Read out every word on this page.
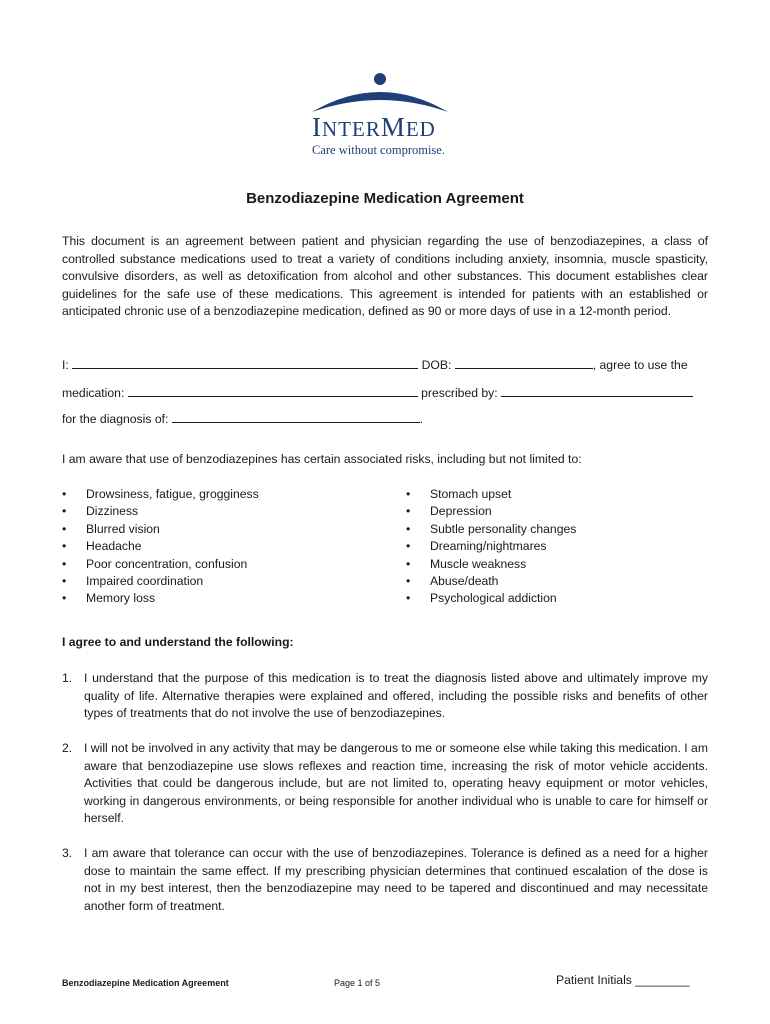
INTERMED
Care without compromise.
Benzodiazepine Medication Agreement
This document is an agreement between patient and physician regarding the use of benzodiazepines, a class of controlled substance medications used to treat a variety of conditions including anxiety, insomnia, muscle spasticity, convulsive disorders, as well as detoxification from alcohol and other substances. This document establishes clear guidelines for the safe use of these medications. This agreement is intended for patients with an established or anticipated chronic use of a benzodiazepine medication, defined as 90 or more days of use in a 12-month period.
I:	DOB:	, agree to use the
medication:	prescribed by:
for the diagnosis of:	.
I am aware that use of benzodiazepines has certain associated risks, including but not limited to:
• Drowsiness, fatigue, grogginess
• Dizziness
• Blurred vision
• Headache
• Poor concentration, confusion
• Impaired coordination
• Memory loss
• Stomach upset
• Depression
• Subtle personality changes
• Dreaming/nightmares
• Muscle weakness
• Abuse/death
• Psychological addiction
I agree to and understand the following:
1. I understand that the purpose of this medication is to treat the diagnosis listed above and ultimately improve my quality of life. Alternative therapies were explained and offered, including the possible risks and benefits of other types of treatments that do not involve the use of benzodiazepines.
2. I will not be involved in any activity that may be dangerous to me or someone else while taking this medication. I am aware that benzodiazepine use slows reflexes and reaction time, increasing the risk of motor vehicle accidents. Activities that could be dangerous include, but are not limited to, operating heavy equipment or motor vehicles, working in dangerous environments, or being responsible for another individual who is unable to care for himself or herself.
3. I am aware that tolerance can occur with the use of benzodiazepines. Tolerance is defined as a need for a higher dose to maintain the same effect. If my prescribing physician determines that continued escalation of the dose is not in my best interest, then the benzodiazepine may need to be tapered and discontinued and may necessitate another form of treatment.
Benzodiazepine Medication Agreement	Page 1 of 5	Patient Initials ________
